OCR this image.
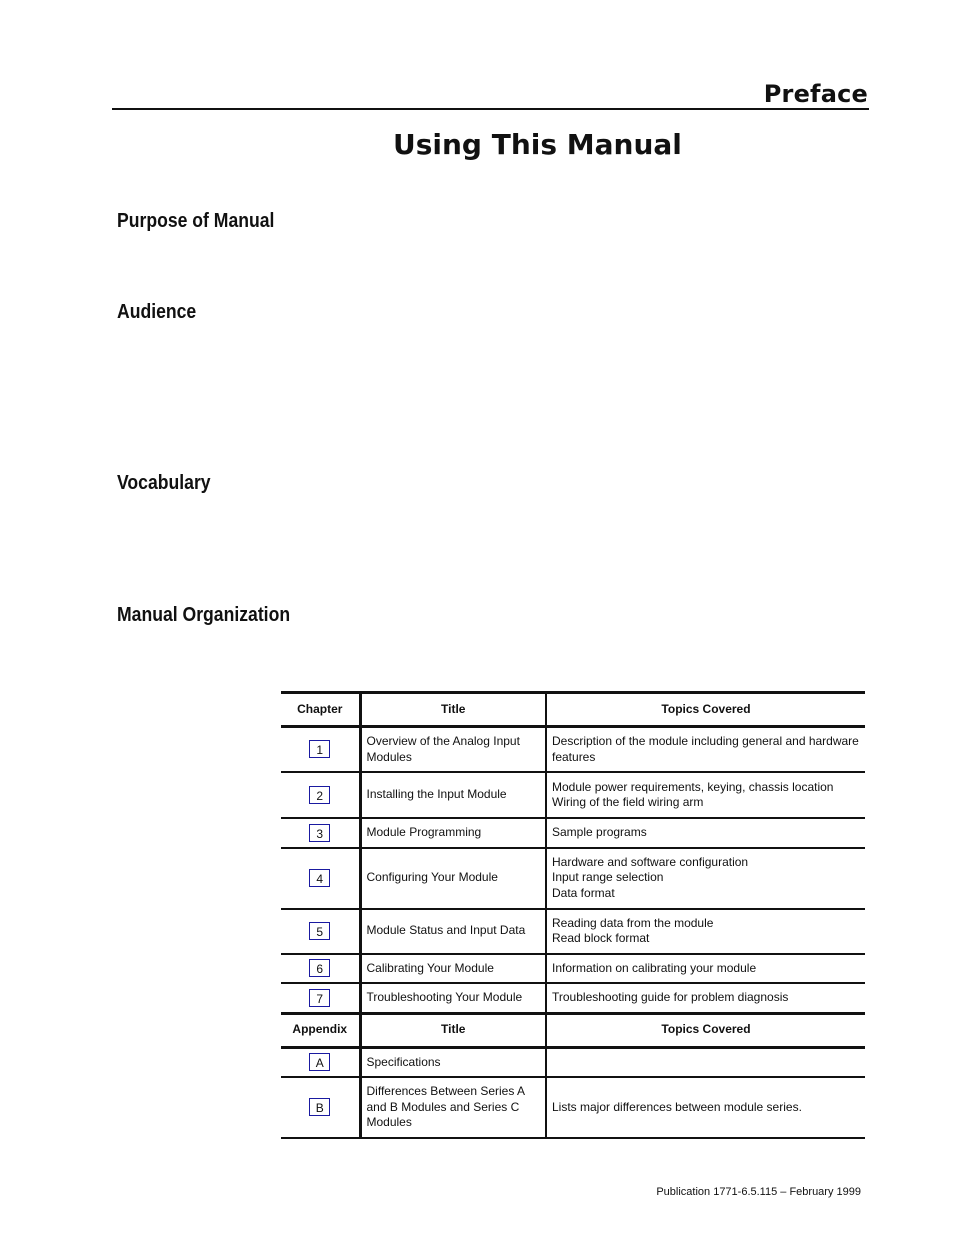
Preface
Using This Manual
Purpose of Manual
Audience
Vocabulary
Manual Organization
Chapter	Title	Topics Covered
1	Overview of the Analog Input Modules	Description of the module including general and hardware features

2	Installing the Input Module	Module power requirements, keying, chassis location
Wiring of the field wiring arm

3	Module Programming	Sample programs

4	Configuring Your Module	Hardware and software configuration
Input range selection
Data format

5	Module Status and Input Data	Reading data from the module
Read block format

6	Calibrating Your Module	Information on calibrating your module

7	Troubleshooting Your Module	Troubleshooting guide for problem diagnosis

Appendix	Title	Topics Covered
A	Specifications	

B	Differences Between Series A and B Modules and Series C Modules	Lists major differences between module series.
Publication 1771-6.5.115 – February 1999
